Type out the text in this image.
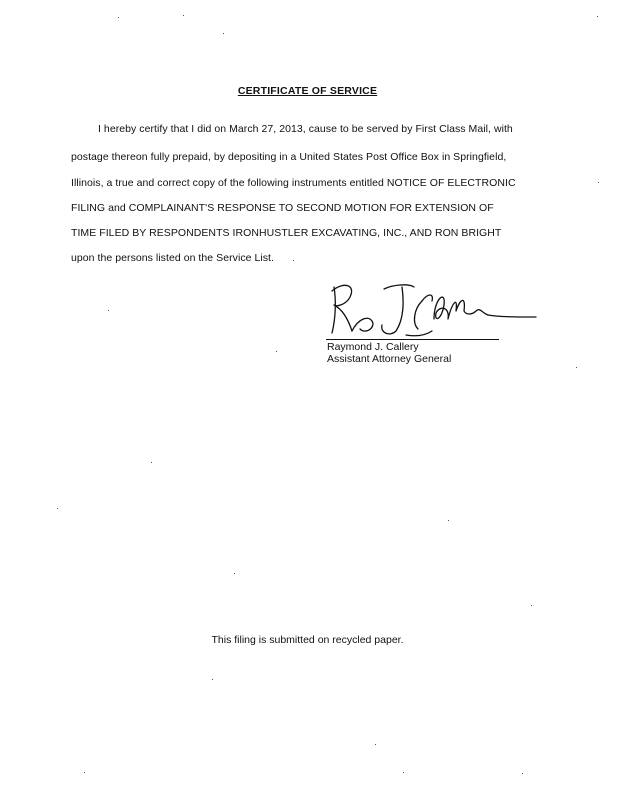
CERTIFICATE OF SERVICE
I hereby certify that I did on March 27, 2013, cause to be served by First Class Mail, with
postage thereon fully prepaid, by depositing in a United States Post Office Box in Springfield,
Illinois, a true and correct copy of the following instruments entitled NOTICE OF ELECTRONIC
FILING and COMPLAINANT'S RESPONSE TO SECOND MOTION FOR EXTENSION OF
TIME FILED BY RESPONDENTS IRONHUSTLER EXCAVATING, INC., AND RON BRIGHT
upon the persons listed on the Service List.
Raymond J. Callery
Assistant Attorney General
This filing is submitted on recycled paper.
